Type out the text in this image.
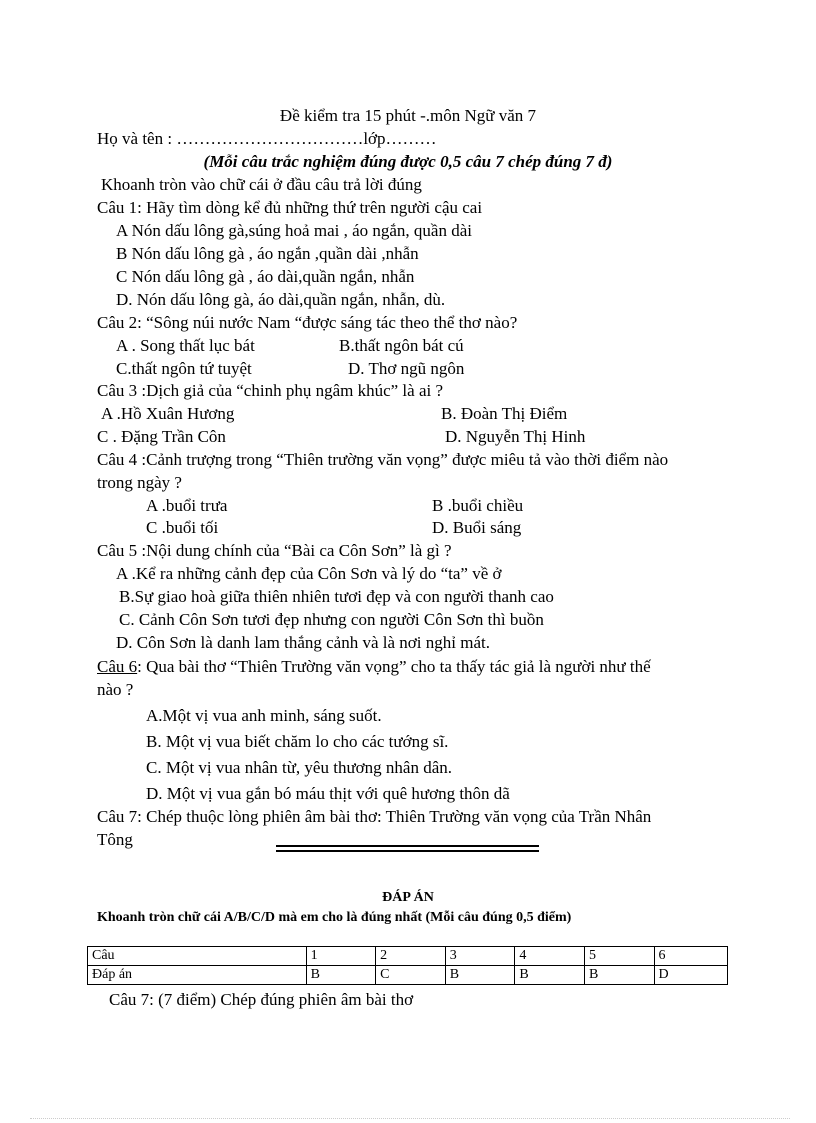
Đề kiểm tra 15 phút -.môn Ngữ văn 7
Họ và tên : ……………………………lớp………
(Mỗi câu trắc nghiệm đúng được 0,5 câu 7 chép đúng 7 đ)
Khoanh tròn vào chữ cái ở đầu câu trả lời đúng
Câu 1: Hãy tìm dòng kể đủ những thứ trên người cậu cai
A Nón dấu lông gà,súng hoả mai , áo ngắn, quần dài
B Nón dấu lông gà , áo ngắn ,quần dài ,nhẫn
C Nón dấu lông gà , áo dài,quần ngắn, nhẫn
D. Nón dấu lông gà, áo dài,quần ngắn, nhẫn, dù.
Câu 2: “Sông núi nước Nam “được sáng tác theo thể thơ nào?
A . Song thất lục bát	B.thất ngôn bát cú
C.thất ngôn tứ tuyệt	D. Thơ ngũ ngôn
Câu 3 :Dịch giả của “chinh phụ ngâm khúc” là ai ?
A .Hồ Xuân Hương	B. Đoàn Thị Điểm
C . Đặng Trần Côn	D. Nguyễn Thị Hinh
Câu 4 :Cảnh trượng trong “Thiên trường văn vọng” được miêu tả vào thời điểm nào
trong ngày ?
A .buổi trưa	B .buổi chiều
C .buổi tối	D. Buổi sáng
Câu 5 :Nội dung chính của “Bài ca Côn Sơn” là gì ?
A .Kể ra những cảnh đẹp của Côn Sơn và lý do “ta” về ở
B.Sự giao hoà giữa thiên nhiên tươi đẹp và con người thanh cao
C. Cảnh Côn Sơn tươi đẹp nhưng con người Côn Sơn thì buồn
D. Côn Sơn là danh lam thắng cảnh và là nơi nghỉ mát.
Câu 6: Qua bài thơ “Thiên Trường văn vọng” cho ta thấy tác giả là người như thế
nào ?
A.Một vị vua anh minh, sáng suốt.
B. Một vị vua biết chăm lo cho các tướng sĩ.
C. Một vị vua nhân từ, yêu thương nhân dân.
D. Một vị vua gắn bó máu thịt với quê hương thôn dã
Câu 7: Chép thuộc lòng phiên âm bài thơ: Thiên Trường văn vọng của Trần Nhân
Tông
ĐÁP ÁN
Khoanh tròn chữ cái A/B/C/D mà em cho là đúng nhất (Mỗi câu đúng 0,5 điểm)
Câu	1	2	3	4	5	6
Đáp án	B	C	B	B	B	D
Câu 7: (7 điểm) Chép đúng phiên âm bài thơ
